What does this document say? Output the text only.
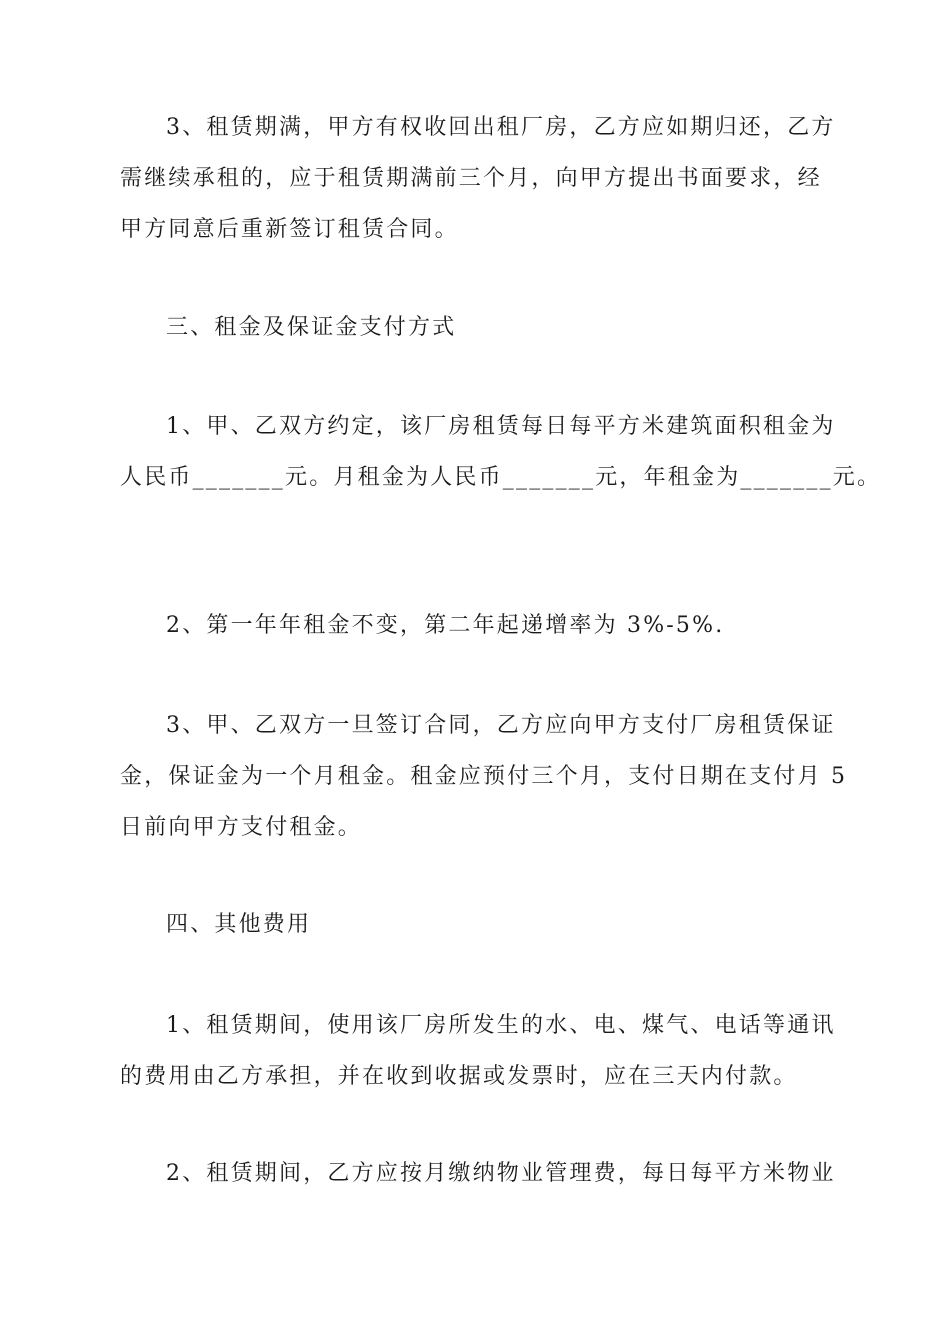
3、租赁期满，甲方有权收回出租厂房，乙方应如期归还，乙方
需继续承租的，应于租赁期满前三个月，向甲方提出书面要求，经
甲方同意后重新签订租赁合同。
三、租金及保证金支付方式
1、甲、乙双方约定，该厂房租赁每日每平方米建筑面积租金为
人民币_______元。月租金为人民币_______元，年租金为_______元。
2、第一年年租金不变，第二年起递增率为 3%-5%.
3、甲、乙双方一旦签订合同，乙方应向甲方支付厂房租赁保证
金，保证金为一个月租金。租金应预付三个月，支付日期在支付月 5
日前向甲方支付租金。
四、其他费用
1、租赁期间，使用该厂房所发生的水、电、煤气、电话等通讯
的费用由乙方承担，并在收到收据或发票时，应在三天内付款。
2、租赁期间，乙方应按月缴纳物业管理费，每日每平方米物业
